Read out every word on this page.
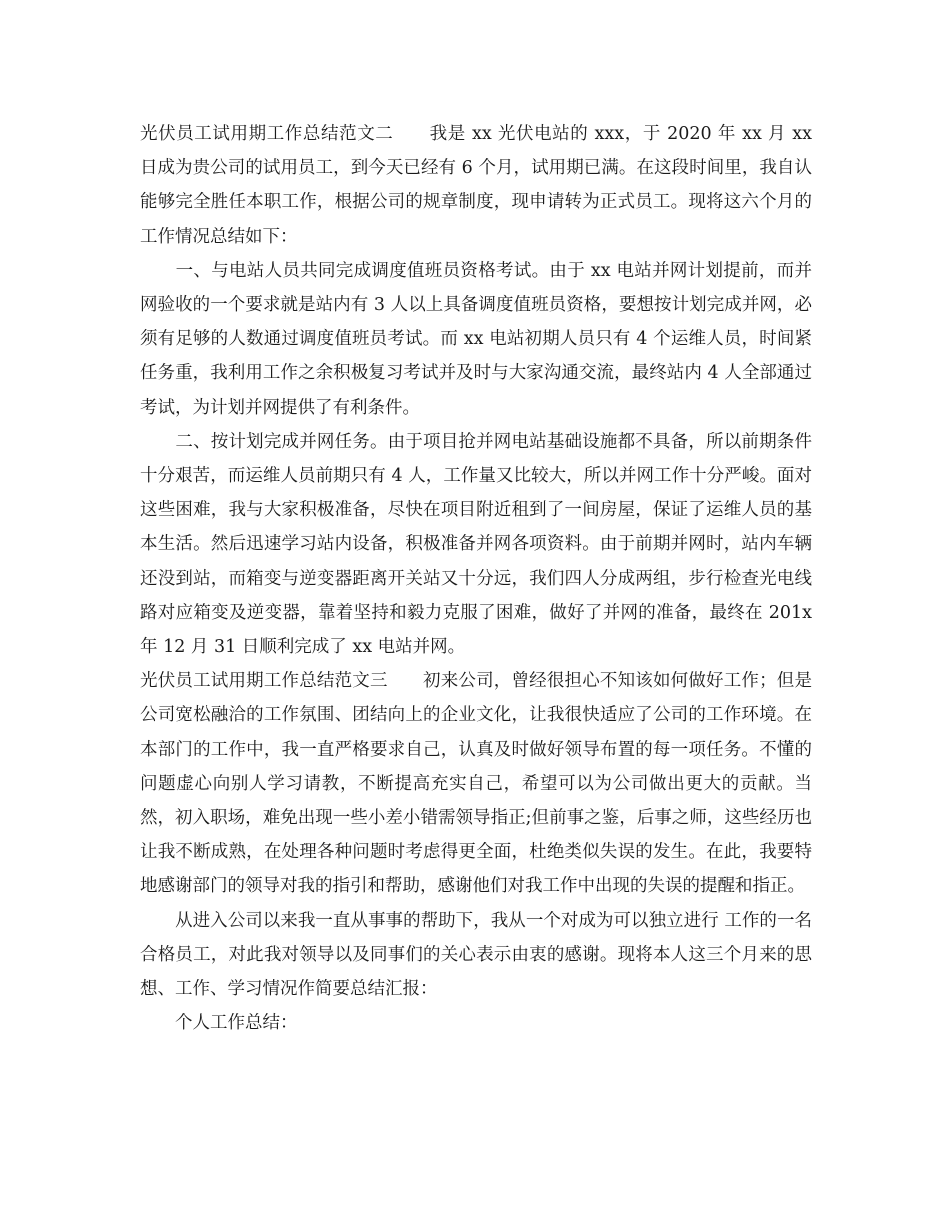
光伏员工试用期工作总结范文二　　我是 xx 光伏电站的 xxx，于 2020 年 xx 月 xx 日成为贵公司的试用员工，到今天已经有 6 个月，试用期已满。在这段时间里，我自认能够完全胜任本职工作，根据公司的规章制度，现申请转为正式员工。现将这六个月的工作情况总结如下：

　　一、与电站人员共同完成调度值班员资格考试。由于 xx 电站并网计划提前，而并网验收的一个要求就是站内有 3 人以上具备调度值班员资格，要想按计划完成并网，必须有足够的人数通过调度值班员考试。而 xx 电站初期人员只有 4 个运维人员，时间紧任务重，我利用工作之余积极复习考试并及时与大家沟通交流，最终站内 4 人全部通过考试，为计划并网提供了有利条件。

　　二、按计划完成并网任务。由于项目抢并网电站基础设施都不具备，所以前期条件十分艰苦，而运维人员前期只有 4 人，工作量又比较大，所以并网工作十分严峻。面对这些困难，我与大家积极准备，尽快在项目附近租到了一间房屋，保证了运维人员的基本生活。然后迅速学习站内设备，积极准备并网各项资料。由于前期并网时，站内车辆还没到站，而箱变与逆变器距离开关站又十分远，我们四人分成两组，步行检查光电线路对应箱变及逆变器，靠着坚持和毅力克服了困难，做好了并网的准备，最终在 201x 年 12 月 31 日顺利完成了 xx 电站并网。

光伏员工试用期工作总结范文三　　初来公司，曾经很担心不知该如何做好工作；但是公司宽松融洽的工作氛围、团结向上的企业文化，让我很快适应了公司的工作环境。在本部门的工作中，我一直严格要求自己，认真及时做好领导布置的每一项任务。不懂的问题虚心向别人学习请教，不断提高充实自己，希望可以为公司做出更大的贡献。当然，初入职场，难免出现一些小差小错需领导指正;但前事之鉴，后事之师，这些经历也让我不断成熟，在处理各种问题时考虑得更全面，杜绝类似失误的发生。在此，我要特地感谢部门的领导对我的指引和帮助，感谢他们对我工作中出现的失误的提醒和指正。

　　从进入公司以来我一直从事事的帮助下，我从一个对成为可以独立进行 工作的一名合格员工，对此我对领导以及同事们的关心表示由衷的感谢。现将本人这三个月来的思想、工作、学习情况作简要总结汇报：

　　个人工作总结：
